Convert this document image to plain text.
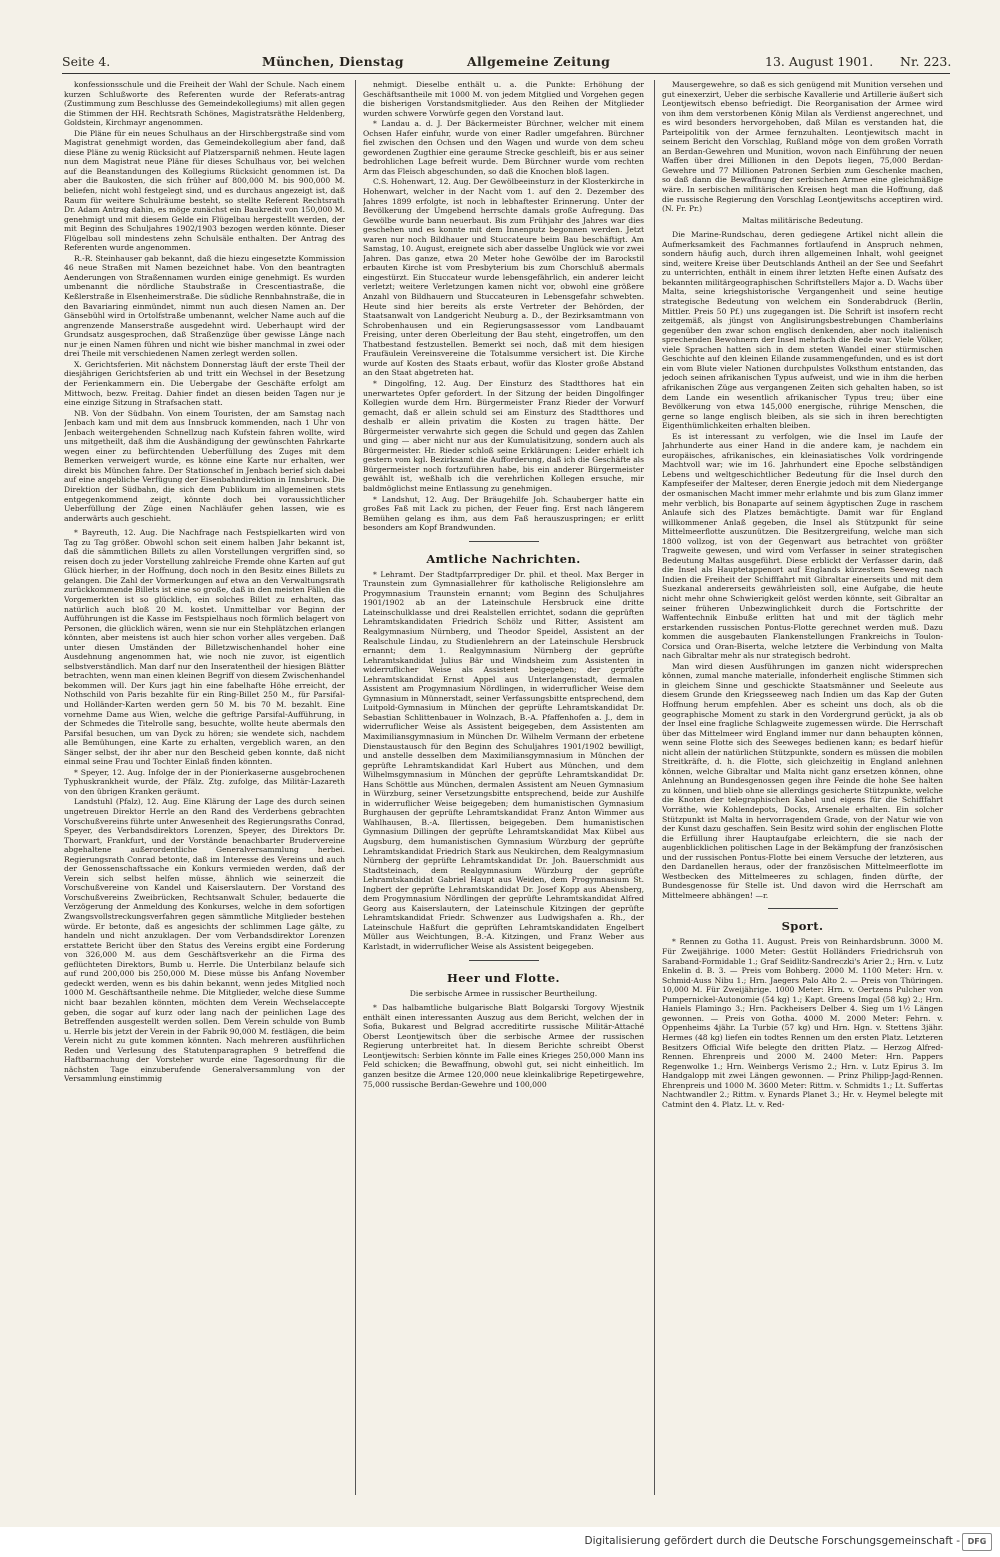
Seite 4.	München, Dienstag	Allgemeine Zeitung	13. August 1901. Nr. 223.

konfessionsschule und die Freiheit der Wahl der Schule. Nach einem kurzen Schlußworte des Referenten wurde der Referats-antrag (Zustimmung zum Beschlusse des Gemeindekollegiums) mit allen gegen die Stimmen der HH. Rechtsrath Schönes, Magistratsräthe Heldenberg, Goldstein, Kirchmayr angenommen.

Die Pläne für ein neues Schulhaus an der Hirschbergstraße sind vom Magistrat genehmigt worden, das Gemeindekollegium aber fand, daß diese Pläne zu wenig Rücksicht auf Platzersparniß nehmen. Heute lagen nun dem Magistrat neue Pläne für dieses Schulhaus vor, bei welchen auf die Beanstandungen des Kollegiums Rücksicht genommen ist. Da aber die Baukosten, die sich früher auf 800,000 M. bis 900,000 M. beliefen, nicht wohl festgelegt sind, und es durchaus angezeigt ist, daß Raum für weitere Schulräume besteht, so stellte Referent Rechtsrath Dr. Adam Antrag dahin, es möge zunächst ein Baukredit von 150,000 M. genehmigt und mit diesem Gelde ein Flügelbau hergestellt werden, der mit Beginn des Schuljahres 1902/1903 bezogen werden könnte. Dieser Flügelbau soll mindestens zehn Schulsäle enthalten. Der Antrag des Referenten wurde angenommen.

R.-R. Steinhauser gab bekannt, daß die hiezu eingesetzte Kommission 46 neue Straßen mit Namen bezeichnet habe. Von den beantragten Aenderungen von Straßennamen wurden einige genehmigt. Es wurden umbenannt die nördliche Staubstraße in Crescentiastraße, die Keßlerstraße in Elsenheimerstraße. Die südliche Rennbahnstraße, die in den Bavariaring einmündet, nimmt nun auch diesen Namen an. Der Gänsebühl wird in Ortolfstraße umbenannt, welcher Name auch auf die angrenzende Manserstraße ausgedehnt wird. Ueberhaupt wird der Grundsatz ausgesprochen, daß Straßenzüge über gewisse Länge nach nur je einen Namen führen und nicht wie bisher manchmal in zwei oder drei Theile mit verschiedenen Namen zerlegt werden sollen.

X. Gerichtsferien. Mit nächstem Donnerstag läuft der erste Theil der diesjährigen Gerichtsferien ab und tritt ein Wechsel in der Besetzung der Ferienkammern ein. Die Uebergabe der Geschäfte erfolgt am Mittwoch, bezw. Freitag. Dahier findet an diesen beiden Tagen nur je eine einzige Sitzung in Strafsachen statt.

NB. Von der Südbahn. Von einem Touristen, der am Samstag nach Jenbach kam und mit dem aus Innsbruck kommenden, nach 1 Uhr von Jenbach weitergehenden Schnellzug nach Kufstein fahren wollte, wird uns mitgetheilt, daß ihm die Aushändigung der gewünschten Fahrkarte wegen einer zu befürchtenden Ueberfüllung des Zuges mit dem Bemerken verweigert wurde, es könne eine Karte nur erhalten, wer direkt bis München fahre. Der Stationschef in Jenbach berief sich dabei auf eine angebliche Verfügung der Eisenbahndirektion in Innsbruck. Die Direktion der Südbahn, die sich dem Publikum im allgemeinen stets entgegenkommend zeigt, könnte doch bei voraussichtlicher Ueberfüllung der Züge einen Nachläufer gehen lassen, wie es anderwärts auch geschieht.

* Bayreuth, 12. Aug. Die Nachfrage nach Festspielkarten wird von Tag zu Tag größer. Obwohl schon seit einem halben Jahr bekannt ist, daß die sämmtlichen Billets zu allen Vorstellungen vergriffen sind, so reisen doch zu jeder Vorstellung zahlreiche Fremde ohne Karten auf gut Glück hierher, in der Hoffnung, doch noch in den Besitz eines Billets zu gelangen. Die Zahl der Vormerkungen auf etwa an den Verwaltungsrath zurückkommende Billets ist eine so große, daß in den meisten Fällen die Vorgemerkten ist so glücklich, ein solches Billet zu erhalten, das natürlich auch bloß 20 M. kostet. Unmittelbar vor Beginn der Aufführungen ist die Kasse im Festspielhaus noch förmlich belagert von Personen, die glücklich wären, wenn sie nur ein Stehplätzchen erlangen könnten, aber meistens ist auch hier schon vorher alles vergeben. Daß unter diesen Umständen der Billetzwischenhandel hoher eine Ausdehnung angenommen hat, wie noch nie zuvor, ist eigentlich selbstverständlich. Man darf nur den Inseratentheil der hiesigen Blätter betrachten, wenn man einen kleinen Begriff von diesem Zwischenhandel bekommen will. Der Kurs jagt hin eine fabelhafte Höhe erreicht, der Nothschild von Paris bezahlte für ein Ring-Billet 250 M., für Parsifal- und Holländer-Karten werden gern 50 M. bis 70 M. bezahlt. Eine vornehme Dame aus Wien, welche die geftrige Parsifal-Aufführung, in der Schmedes die Titelrolle sang, besuchte, wollte heute abermals den Parsifal besuchen, um van Dyck zu hören; sie wendete sich, nachdem alle Bemühungen, eine Karte zu erhalten, vergeblich waren, an den Sänger selbst, der ihr aber nur den Bescheid geben konnte, daß nicht einmal seine Frau und Tochter Einlaß finden könnten.

* Speyer, 12. Aug. Infolge der in der Pionierkaserne ausgebrochenen Typhuskrankheit wurde, der Pfälz. Ztg. zufolge, das Militär-Lazareth von den übrigen Kranken geräumt.

Landstuhl (Pfalz), 12. Aug. Eine Klärung der Lage des durch seinen ungetreuen Direktor Herrle an den Rand des Verderbens gebrachten Vorschußvereins führte unter Anwesenheit des Regierungsraths Conrad, Speyer, des Verbandsdirektors Lorenzen, Speyer, des Direktors Dr. Thorwart, Frankfurt, und der Vorstände benachbarter Brudervereine abgehaltene außerordentliche Generalversammlung herbei. Regierungsrath Conrad betonte, daß im Interesse des Vereins und auch der Genossenschaftssache ein Konkurs vermieden werden, daß der Verein sich selbst helfen müsse, ähnlich wie seinerzeit die Vorschußvereine von Kandel und Kaiserslautern. Der Vorstand des Vorschußvereins Zweibrücken, Rechtsanwalt Schuler, bedauerte die Verzögerung der Anmeldung des Konkurses, welche in dem sofortigen Zwangsvollstreckungsverfahren gegen sämmtliche Mitglieder bestehen würde. Er betonte, daß es angesichts der schlimmen Lage gälte, zu handeln und nicht anzuklagen. Der vom Verbandsdirektor Lorenzen erstattete Bericht über den Status des Vereins ergibt eine Forderung von 326,000 M. aus dem Geschäftsverkehr an die Firma des geflüchteten Direktors, Bumb u. Herrle. Die Unterbilanz belaufe sich auf rund 200,000 bis 250,000 M. Diese müsse bis Anfang November gedeckt werden, wenn es bis dahin bekannt, wenn jedes Mitglied noch 1000 M. Geschäftsantheile nehme. Die Mitglieder, welche diese Summe nicht baar bezahlen könnten, möchten dem Verein Wechselaccepte geben, die sogar auf kurz oder lang nach der peinlichen Lage des Betreffenden ausgestellt werden sollen. Dem Verein schulde von Bumb u. Herrle bis jetzt der Verein in der Fabrik 90,000 M. festlägen, die beim Verein nicht zu gute kommen könnten. Nach mehreren ausführlichen Reden und Verlesung des Statutenparagraphen 9 betreffend die Haftbarmachung der Vorsteher wurde eine Tagesordnung für die nächsten Tage einzuberufende Generalversammlung von der Versammlung einstimmig

nehmigt. Dieselbe enthält u. a. die Punkte: Erhöhung der Geschäftsantheile mit 1000 M. von jedem Mitglied und Vorgehen gegen die bisherigen Vorstandsmitglieder. Aus den Reihen der Mitglieder wurden schwere Vorwürfe gegen den Vorstand laut.

* Landau a. d. J. Der Bäckermeister Bürchner, welcher mit einem Ochsen Hafer einfuhr, wurde von einer Radler umgefahren. Bürchner fiel zwischen den Ochsen und den Wagen und wurde von dem scheu gewordenen Zugthier eine geraume Strecke geschleift, bis er aus seiner bedrohlichen Lage befreit wurde. Dem Bürchner wurde vom rechten Arm das Fleisch abgeschunden, so daß die Knochen bloß lagen.

C.S. Hohenwart, 12. Aug. Der Gewölbeeinsturz in der Klosterkirche in Hohenwart, welcher in der Nacht vom 1. auf den 2. Dezember des Jahres 1899 erfolgte, ist noch in lebhaftester Erinnerung. Unter der Bevölkerung der Umgebend herrschte damals große Aufregung. Das Gewölbe wurde bann neuerbaut. Bis zum Frühjahr des Jahres war dies geschehen und es konnte mit dem Innenputz begonnen werden. Jetzt waren nur noch Bildhauer und Stuccateure beim Bau beschäftigt. Am Samstag, 10. August, ereignete sich aber dasselbe Unglück wie vor zwei Jahren. Das ganze, etwa 20 Meter hohe Gewölbe der im Barockstil erbauten Kirche ist vom Presbyterium bis zum Chorschluß abermals eingestürzt. Ein Stuccateur wurde lebensgefährlich, ein anderer leicht verletzt; weitere Verletzungen kamen nicht vor, obwohl eine größere Anzahl von Bildhauern und Stuccateuren in Lebensgefahr schwebten. Heute sind hier bereits als erste Vertreter der Behörden, der Staatsanwalt von Landgericht Neuburg a. D., der Bezirksamtmann von Schrobenhausen und ein Regierungsassessor vom Landbauamt Freising, unter deren Oberleitung der Bau steht, eingetroffen, um den Thatbestand festzustellen. Bemerkt sei noch, daß mit dem hiesigen Fraufäulein Vereinsvereine die Totalsumme versichert ist. Die Kirche wurde auf Kosten des Staats erbaut, wofür das Kloster große Abstand an den Staat abgetreten hat.

* Dingolfing, 12. Aug. Der Einsturz des Stadtthores hat ein unerwartetes Opfer gefordert. In der Sitzung der beiden Dingolfinger Kollegien wurde dem Hrn. Bürgermeister Franz Rieder der Vorwurf gemacht, daß er allein schuld sei am Einsturz des Stadtthores und deshalb er allein privatim die Kosten zu tragen hätte. Der Bürgermeister verwahrte sich gegen die Schuld und gegen das Zahlen und ging — aber nicht nur aus der Kumulatisitzung, sondern auch als Bürgermeister. Hr. Rieder schloß seine Erklärungen: Leider erhielt ich gestern vom kgl. Bezirksamt die Aufforderung, daß ich die Geschäfte als Bürgermeister noch fortzuführen habe, bis ein anderer Bürgermeister gewählt ist, weßhalb ich die verehrlichen Kollegen ersuche, mir baldmöglichst meine Entlassung zu genehmigen.

* Landshut, 12. Aug. Der Bräugehilfe Joh. Schauberger hatte ein großes Faß mit Lack zu pichen, der Feuer fing. Erst nach längerem Bemühen gelang es ihm, aus dem Faß herauszuspringen; er erlitt besonders am Kopf Brandwunden.

Amtliche Nachrichten.

* Lehramt. Der Stadtpfarrprediger Dr. phil. et theol. Max Berger in Traunstein zum Gymnasiallehrer für katholische Religionslehre am Progymnasium Traunstein ernannt; vom Beginn des Schuljahres 1901/1902 ab an der Lateinschule Hersbruck eine dritte Lateinschulklasse und drei Realstellen errichtet, sodann die geprüften Lehramtskandidaten Friedrich Schölz und Ritter, Assistent am Realgymnasium Nürnberg, und Theodor Speidel, Assistent an der Realschule Lindau, zu Studienlehrern an der Lateinschule Hersbruck ernannt; dem 1. Realgymnasium Nürnberg der geprüfte Lehramtskandidat Julius Bär und Windsheim zum Assistenten in widerruflicher Weise als Assistent beigegeben; der geprüfte Lehramtskandidat Ernst Appel aus Unterlangenstadt, dermalen Assistent am Progymnasium Nördlingen, in widerruflicher Weise dem Gymnasium in Münnerstadt, seiner Verfassungsbitte entsprechend, dem Luitpold-Gymnasium in München der geprüfte Lehramtskandidat Dr. Sebastian Schlittenbauer in Wolnzach, B.-A. Pfaffenhofen a. J., dem in widerruflicher Weise als Assistent beigegeben, dem Assistenten am Maximiliansgymnasium in München Dr. Wilhelm Vermann der erbetene Dienstaustausch für den Beginn des Schuljahres 1901/1902 bewilligt, und anstelle desselben dem Maximiliansgymnasium in München der geprüfte Lehramtskandidat Karl Hubert aus München, und dem Wilhelmsgymnasium in München der geprüfte Lehramtskandidat Dr. Hans Schöttle aus München, dermalen Assistent am Neuen Gymnasium in Würzburg, seiner Versetzungsbitte entsprechend, beide zur Aushilfe in widerruflicher Weise beigegeben; dem humanistischen Gymnasium Burghausen der geprüfte Lehramtskandidat Franz Anton Wimmer aus Wahlhausen, B.-A. Illertissen, beigegeben. Dem humanistischen Gymnasium Dillingen der geprüfte Lehramtskandidat Max Kübel aus Augsburg, dem humanistischen Gymnasium Würzburg der geprüfte Lehramtskandidat Friedrich Stark aus Neukirchen, dem Realgymnasium Nürnberg der geprüfte Lehramtskandidat Dr. Joh. Bauerschmidt aus Stadtsteinach, dem Realgymnasium Würzburg der geprüfte Lehramtskandidat Gabriel Haupt aus Weiden, dem Progymnasium St. Ingbert der geprüfte Lehramtskandidat Dr. Josef Kopp aus Abensberg, dem Progymnasium Nördlingen der geprüfte Lehramtskandidat Alfred Georg aus Kaiserslautern, der Lateinschule Kitzingen der geprüfte Lehramtskandidat Friedr. Schwenzer aus Ludwigshafen a. Rh., der Lateinschule Haßfurt die geprüften Lehramtskandidaten Engelbert Müller aus Weichtungen, B.-A. Kitzingen, und Franz Weber aus Karlstadt, in widerruflicher Weise als Assistent beigegeben.

Heer und Flotte.
Die serbische Armee in russischer Beurtheilung.

* Das halbamtliche bulgarische Blatt Bolgarski Torgovy Wjestnik enthält einen interessanten Auszug aus dem Bericht, welchen der in Sofia, Bukarest und Belgrad accreditirte russische Militär-Attaché Oberst Leontjewitsch über die serbische Armee der russischen Regierung unterbreitet hat. In diesem Berichte schreibt Oberst Leontjewitsch: Serbien könnte im Falle eines Krieges 250,000 Mann ins Feld schicken; die Bewaffnung, obwohl gut, sei nicht einheitlich. Im ganzen besitze die Armee 120,000 neue kleinkalibrige Repetirgewehre, 75,000 russische Berdan-Gewehre und 100,000

Mausergewehre, so daß es sich genügend mit Munition versehen und gut einexerzirt, Ueber die serbische Kavallerie und Artillerie äußert sich Leontjewitsch ebenso befriedigt. Die Reorganisation der Armee wird von ihm dem verstorbenen König Milan als Verdienst angerechnet, und es wird besonders hervorgehoben, daß Milan es verstanden hat, die Parteipolitik von der Armee fernzuhalten. Leontjewitsch macht in seinem Bericht den Vorschlag, Rußland möge von dem großen Vorrath an Berdan-Gewehren und Munition, wovon nach Einführung der neuen Waffen über drei Millionen in den Depots liegen, 75,000 Berdan-Gewehre und 77 Millionen Patronen Serbien zum Geschenke machen, so daß dann die Bewaffnung der serbischen Armee eine gleichmäßige wäre. In serbischen militärischen Kreisen hegt man die Hoffnung, daß die russische Regierung den Vorschlag Leontjewitschs acceptiren wird. (N. Fr. Pr.)

Maltas militärische Bedeutung.

Die Marine-Rundschau, deren gediegene Artikel nicht allein die Aufmerksamkeit des Fachmannes fortlaufend in Anspruch nehmen, sondern häufig auch, durch ihren allgemeinen Inhalt, wohl geeignet sind, weitere Kreise über Deutschlands Antheil an der See und Seefahrt zu unterrichten, enthält in einem ihrer letzten Hefte einen Aufsatz des bekannten militärgeographischen Schriftstellers Major a. D. Wachs über Malta, seine kriegshistorische Vergangenheit und seine heutige strategische Bedeutung von welchem ein Sonderabdruck (Berlin, Mittler. Preis 50 Pf.) uns zugegangen ist. Die Schrift ist insofern recht zeitgemäß, als jüngst von Anglisirungsbestrebungen Chamberlains gegenüber den zwar schon englisch denkenden, aber noch italienisch sprechenden Bewohnern der Insel mehrfach die Rede war. Viele Völker, viele Sprachen hatten sich in dem steten Wandel einer stürmischen Geschichte auf den kleinen Eilande zusammengefunden, und es ist dort ein vom Blute vieler Nationen durchpulstes Volksthum entstanden, das jedoch seinen afrikanischen Typus aufweist, und wie in ihm die herben afrikanischen Züge aus vergangenen Zeiten sich gehalten haben, so ist dem Lande ein wesentlich afrikanischer Typus treu; über eine Bevölkerung von etwa 145,000 energische, rührige Menschen, die gerne so lange englisch bleiben, als sie sich in ihren berechtigten Eigenthümlichkeiten erhalten bleiben.

Es ist interessant zu verfolgen, wie die Insel im Laufe der Jahrhunderte aus einer Hand in die andere kam, je nachdem ein europäisches, afrikanisches, ein kleinasiatisches Volk vordringende Machtvoll war; wie im 16. Jahrhundert eine Epoche selbständigen Lebens und weltgeschichtlicher Bedeutung für die Insel durch den Kampfeseifer der Malteser, deren Energie jedoch mit dem Niedergange der osmanischen Macht immer mehr erlahmte und bis zum Glanz immer mehr verblich, bis Bonaparte auf seinem ägyptischen Zuge in raschem Anlaufe sich des Platzes bemächtigte. Damit war für England willkommener Anlaß gegeben, die Insel als Stützpunkt für seine Mittelmeerflotte auszunützen. Die Besitzergreifung, welche man sich 1800 vollzog, ist von der Gegenwart aus betrachtet von größter Tragweite gewesen, und wird vom Verfasser in seiner strategischen Bedeutung Maltas ausgeführt. Diese erblickt der Verfasser darin, daß die Insel als Hauptetappenort auf Englands kürzestem Seeweg nach Indien die Freiheit der Schifffahrt mit Gibraltar einerseits und mit dem Suezkanal andererseits gewährleisten soll, eine Aufgabe, die heute nicht mehr ohne Schwierigkeit gelöst werden könnte, seit Gibraltar an seiner früheren Unbezwinglichkeit durch die Fortschritte der Waffentechnik Einbuße erlitten hat und mit der täglich mehr erstarkenden russischen Pontus-Flotte gerechnet werden muß. Dazu kommen die ausgebauten Flankenstellungen Frankreichs in Toulon-Corsica und Oran-Biserta, welche letztere die Verbindung von Malta nach Gibraltar mehr als nur strategisch bedroht.

Man wird diesen Ausführungen im ganzen nicht widersprechen können, zumal manche materialle, infonderheit englische Stimmen sich in gleichem Sinne und geschickte Staatsmänner und Seeleute aus diesem Grunde den Kriegsseeweg nach Indien um das Kap der Guten Hoffnung herum empfehlen. Aber es scheint uns doch, als ob die geographische Moment zu stark in den Vordergrund gerückt, ja als ob der Insel eine fragliche Schlagweite zugemessen würde. Die Herrschaft über das Mittelmeer wird England immer nur dann behaupten können, wenn seine Flotte sich des Seeweges bedienen kann; es bedarf hiefür nicht allein der natürlichen Stützpunkte, sondern es müssen die mobilen Streitkräfte, d. h. die Flotte, sich gleichzeitig in England anlehnen können, welche Gibraltar und Malta nicht ganz ersetzen können, ohne Anlehnung an Bundesgenossen gegen ihre Feinde die hohe See halten zu können, und blieb ohne sie allerdings gesicherte Stützpunkte, welche die Knoten der telegraphischen Kabel und eigens für die Schifffahrt Vorräthe, wie Kohlendepots, Docks, Arsenale erhalten. Ein solcher Stützpunkt ist Malta in hervorragendem Grade, von der Natur wie von der Kunst dazu geschaffen. Sein Besitz wird sohin der englischen Flotte die Erfüllung ihrer Hauptaufgabe erleichtern, die sie nach der augenblicklichen politischen Lage in der Bekämpfung der französischen und der russischen Pontus-Flotte bei einem Versuche der letzteren, aus den Dardanellen heraus, oder der französischen Mittelmeerflotte im Westbecken des Mittelmeeres zu schlagen, finden dürfte, der Bundesgenosse für Stelle ist. Und davon wird die Herrschaft am Mittelmeere abhängen! —r.

Sport.

* Rennen zu Gotha 11. August. Preis von Reinhardsbrunn. 3000 M. Für Zweijährige. 1000 Meter: Gestüt Holländers Friedrichsruh von Saraband-Formidable 1.; Graf Seidlitz-Sandreczki's Arier 2.; Hrn. v. Lutz Enkelin d. B. 3. — Preis vom Bohberg. 2000 M. 1100 Meter: Hrn. v. Schmid-Auss Nibu 1.; Hrn. Jaegers Palo Alto 2. — Preis von Thüringen. 10,000 M. Für Zweijährige. 1000 Meter: Hrn. v. Oertzens Pulcher von Pumpernickel-Autonomie (54 kg) 1.; Kapt. Greens Imgal (58 kg) 2.; Hrn. Haniels Flamingo 3.; Hrn. Packheisers Delber 4. Sieg um 1½ Längen gewonnen. — Preis von Gotha. 4000 M. 2000 Meter: Fehrn. v. Oppenheims 4jähr. La Turbie (57 kg) und Hrn. Hgn. v. Stettens 3jähr. Hermes (48 kg) liefen ein todtes Rennen um den ersten Platz. Letzteren Besitzers Official Wife belegte den dritten Platz. — Herzog Alfred-Rennen. Ehrenpreis und 2000 M. 2400 Meter: Hrn. Pappers Regenwolke 1.; Hrn. Weinbergs Verismo 2.; Hrn. v. Lutz Epirus 3. Im Handgalopp mit zwei Längen gewonnen. — Prinz Philipp-Jagd-Rennen. Ehrenpreis und 1000 M. 3600 Meter: Rittm. v. Schmidts 1.; Lt. Suffertas Nachtwandler 2.; Rittm. v. Eynards Planet 3.; Hr. v. Heymel belegte mit Catmint den 4. Platz. Lt. v. Red-

Digitalisierung gefördert durch die Deutsche Forschungsgemeinschaft - DFG
